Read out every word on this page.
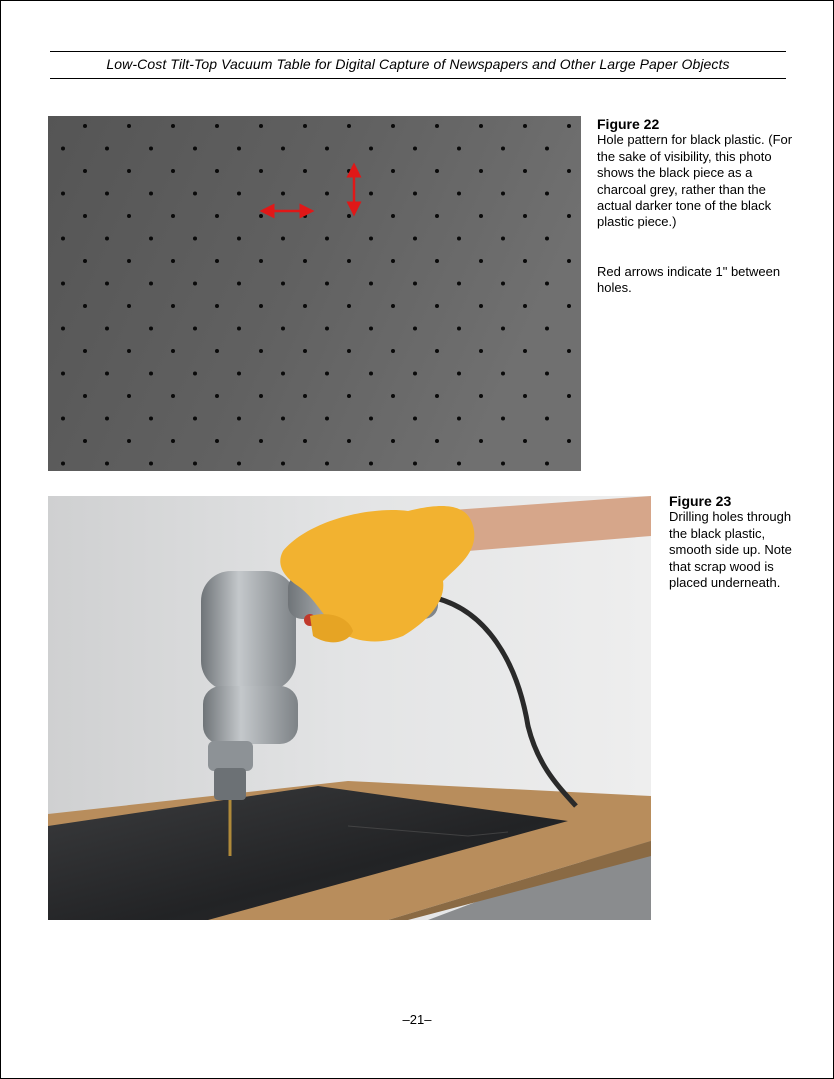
Low-Cost Tilt-Top Vacuum Table for Digital Capture of Newspapers and Other Large Paper Objects
Figure 22
Hole pattern for black plastic. (For the sake of visibility, this photo shows the black piece as a charcoal grey, rather than the actual darker tone of the black plastic piece.)
Red arrows indicate 1" between holes.
Figure 23
Drilling holes through the black plastic, smooth side up. Note that scrap wood is placed underneath.
–21–
